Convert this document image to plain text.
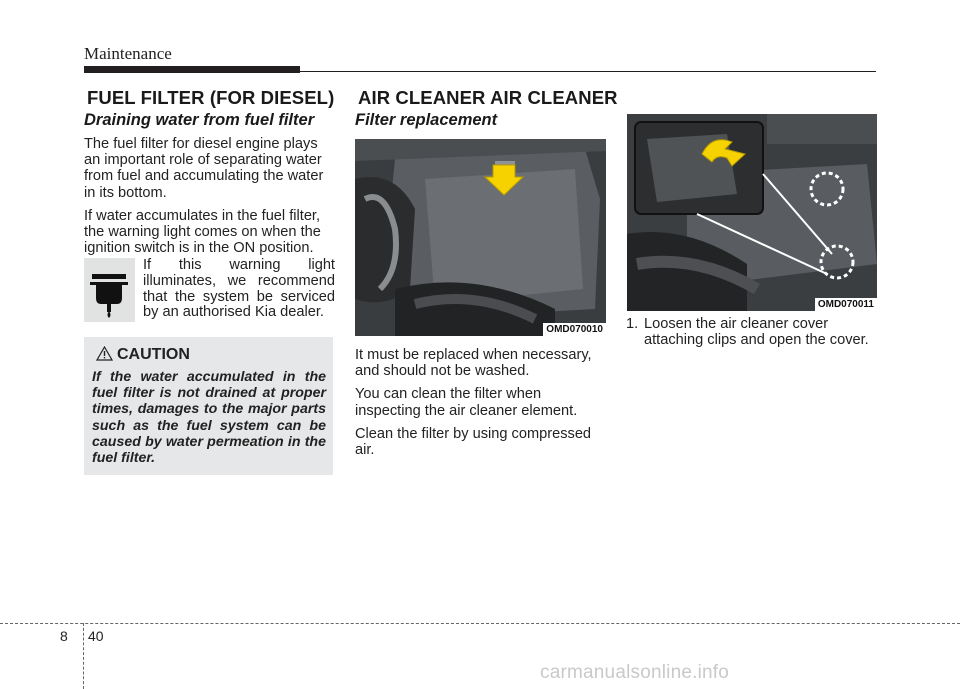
Maintenance
FUEL FILTER (FOR DIESEL)
Draining water from fuel filter

The fuel filter for diesel engine plays an important role of separating water from fuel and accumulating the water in its bottom.

If water accumulates in the fuel filter, the warning light comes on when the ignition switch is in the ON position.

If this warning light illuminates, we recommend that the system be serviced by an authorised Kia dealer.
CAUTION
If the water accumulated in the fuel filter is not drained at proper times, damages to the major parts such as the fuel system can be caused by water permeation in the fuel filter.
AIR CLEANER AIR CLEANER
Filter replacement
OMD070010

It must be replaced when necessary, and should not be washed.

You can clean the filter when inspecting the air cleaner element.

Clean the filter by using compressed air.

OMD070011
1. Loosen the air cleaner cover attaching clips and open the cover.
8 40
carmanualsonline.info
